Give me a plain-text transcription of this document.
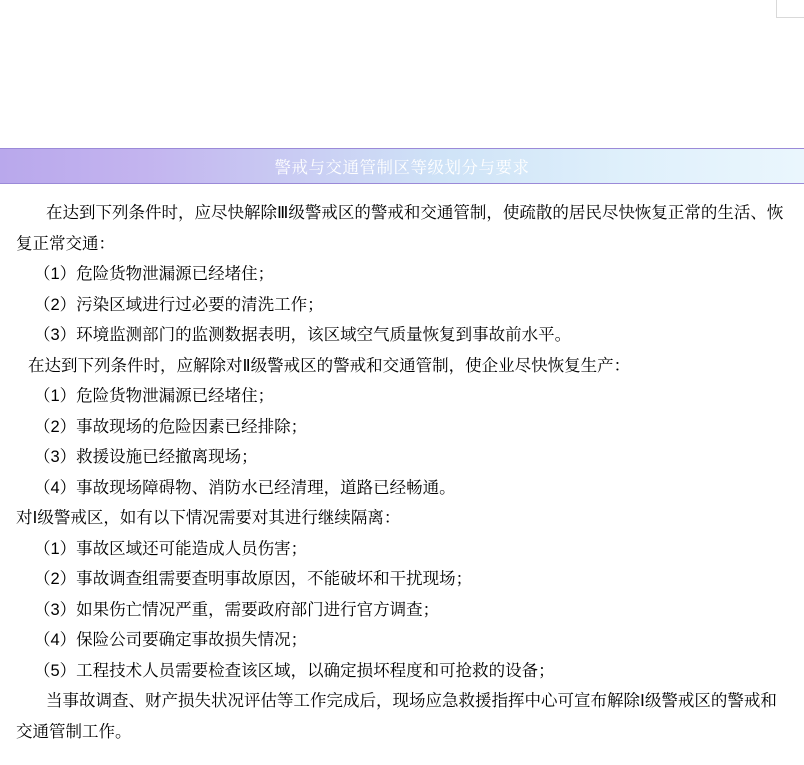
警戒与交通管制区等级划分与要求

在达到下列条件时，应尽快解除Ⅲ级警戒区的警戒和交通管制，使疏散的居民尽快恢复正常的生活、恢复正常交通：

（1）危险货物泄漏源已经堵住；

（2）污染区域进行过必要的清洗工作；

（3）环境监测部门的监测数据表明，该区域空气质量恢复到事故前水平。

在达到下列条件时，应解除对Ⅱ级警戒区的警戒和交通管制，使企业尽快恢复生产：

（1）危险货物泄漏源已经堵住；

（2）事故现场的危险因素已经排除；

（3）救援设施已经撤离现场；

（4）事故现场障碍物、消防水已经清理，道路已经畅通。

对Ⅰ级警戒区，如有以下情况需要对其进行继续隔离：

（1）事故区域还可能造成人员伤害；

（2）事故调查组需要查明事故原因，不能破坏和干扰现场；

（3）如果伤亡情况严重，需要政府部门进行官方调查；

（4）保险公司要确定事故损失情况；

（5）工程技术人员需要检查该区域，以确定损坏程度和可抢救的设备；

当事故调查、财产损失状况评估等工作完成后，现场应急救援指挥中心可宣布解除Ⅰ级警戒区的警戒和交通管制工作。
